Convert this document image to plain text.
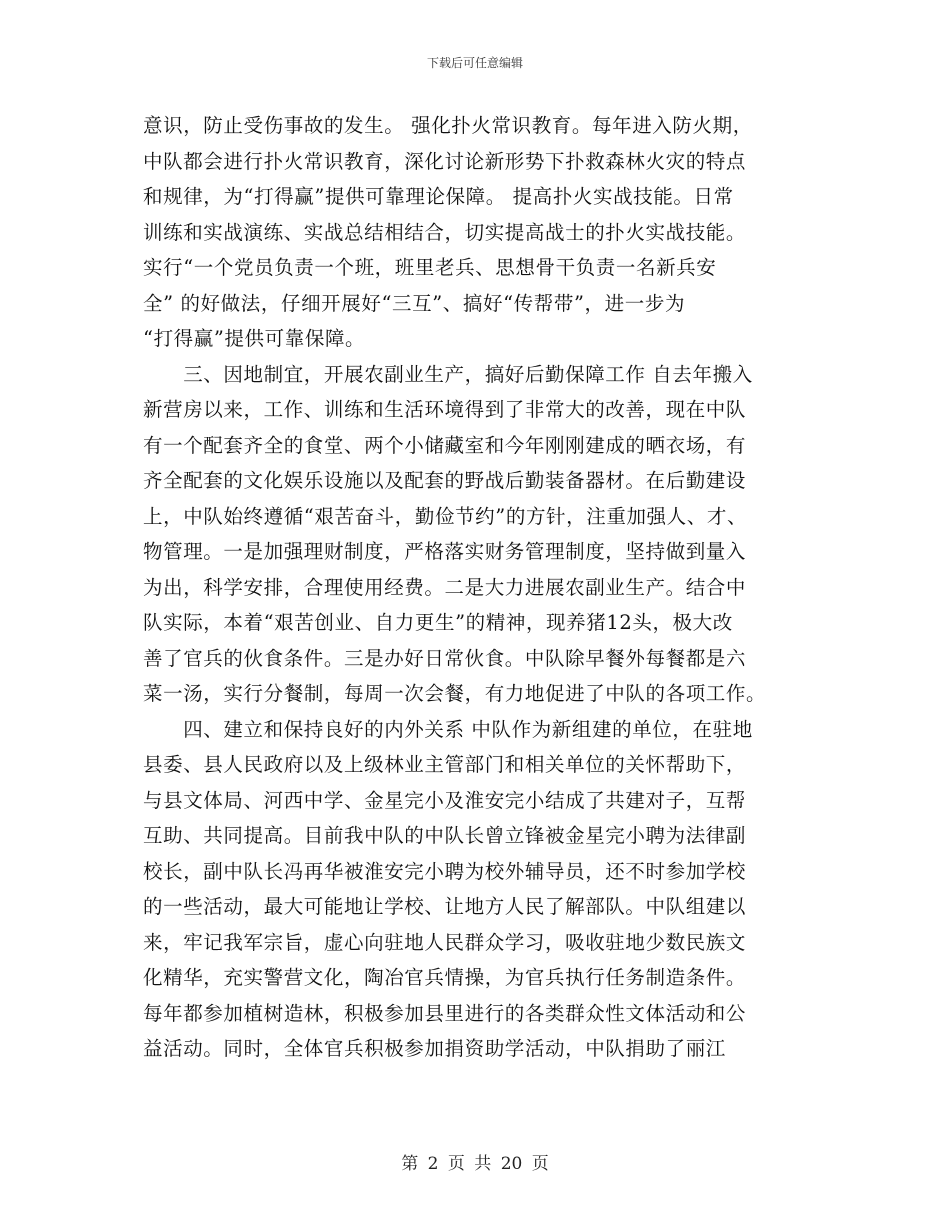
下载后可任意编辑
意识，防止受伤事故的发生。 强化扑火常识教育。每年进入防火期，
中队都会进行扑火常识教育，深化讨论新形势下扑救森林火灾的特点
和规律，为“打得赢”提供可靠理论保障。 提高扑火实战技能。日常
训练和实战演练、实战总结相结合，切实提高战士的扑火实战技能。
实行“一个党员负责一个班，班里老兵、思想骨干负责一名新兵安
全” 的好做法，仔细开展好“三互”、搞好“传帮带”，进一步为
“打得赢”提供可靠保障。
　　三、因地制宜，开展农副业生产，搞好后勤保障工作 自去年搬入
新营房以来，工作、训练和生活环境得到了非常大的改善，现在中队
有一个配套齐全的食堂、两个小储藏室和今年刚刚建成的晒衣场，有
齐全配套的文化娱乐设施以及配套的野战后勤装备器材。在后勤建设
上，中队始终遵循“艰苦奋斗，勤俭节约”的方针，注重加强人、才、
物管理。一是加强理财制度，严格落实财务管理制度，坚持做到量入
为出，科学安排，合理使用经费。二是大力进展农副业生产。结合中
队实际，本着“艰苦创业、自力更生”的精神，现养猪12头，极大改
善了官兵的伙食条件。三是办好日常伙食。中队除早餐外每餐都是六
菜一汤，实行分餐制，每周一次会餐，有力地促进了中队的各项工作。
　　四、建立和保持良好的内外关系 中队作为新组建的单位，在驻地
县委、县人民政府以及上级林业主管部门和相关单位的关怀帮助下，
与县文体局、河西中学、金星完小及淮安完小结成了共建对子，互帮
互助、共同提高。目前我中队的中队长曾立锋被金星完小聘为法律副
校长，副中队长冯再华被淮安完小聘为校外辅导员，还不时参加学校
的一些活动，最大可能地让学校、让地方人民了解部队。中队组建以
来，牢记我军宗旨，虚心向驻地人民群众学习，吸收驻地少数民族文
化精华，充实警营文化，陶冶官兵情操，为官兵执行任务制造条件。
每年都参加植树造林，积极参加县里进行的各类群众性文体活动和公
益活动。同时，全体官兵积极参加捐资助学活动，中队捐助了丽江
第 2 页 共 20 页
